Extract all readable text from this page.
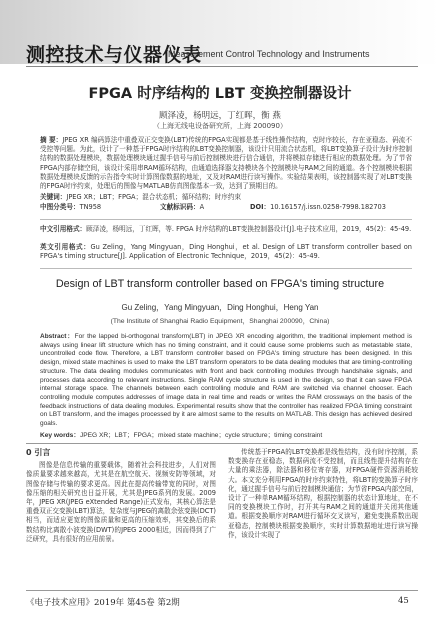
测控技术与仪器仪表
Measurement Control Technology and Instruments
FPGA 时序结构的 LBT 变换控制器设计
顾泽凌，杨明远，丁红晖，衡 燕
（上海无线电设备研究所，上海 200090）
摘 要：JPEG XR 编码算法中重叠双正交变换(LBT)传统的FPGA实现都是基于线性操作结构，克时序较长，存在亚稳态、码流不受控等问题。为此，设计了一种基于FPGA时序结构的LBT变换控制器，该设计只用流合状态机，将LBT变换算子设计为时序控制结构的数据处理模块，数据处理模块通过握手信号与前后控制模块进行信合通信，并将模拟存储进行相应的数据处理。为了节省FPGA内部存储空间，该设计采用串RAM循环结构，由通道选择器支持模块各个控制模块与RAM之间的通道。各个控制模块根据数据处理模块反馈的示告指令实时计算图像数据的地址，又及对RAM进行读写操作。实验结果表明，该控制器实现了对LBT变换的FPGA时序约束，处理后的图像与MATLAB仿真图像基本一致，达到了预期目的。
关键词：JPEG XR；LBT；FPGA；混合状态机；循环结构；时序约束
中图分类号：TN958	文献标识码：A	DOI：10.16157/j.issn.0258-7998.182703
中文引用格式：顾泽凌，杨明远，丁红晖，等. FPGA 时序结构的LBT变换控制器设计[J].电子技术应用，2019，45(2)：45-49.
英文引用格式：Gu Zeling，Yang Mingyuan，Ding Honghui，et al. Design of LBT transform controller based on FPGA's timing structure[J]. Application of Electronic Technique，2019，45(2)：45-49.
Design of LBT transform controller based on FPGA's timing structure
Gu Zeling，Yang Mingyuan，Ding Honghui，Heng Yan
(The Institute of Shanghai Radio Equipment，Shanghai 200090，China)
Abstract：For the lapped bi-orthogonal transform(LBT) in JPEG XR encoding algorithm, the traditional implement method is always using linear lift structure which has no timing constraint, and it could cause some problems such as metastable state, uncontrolled code flow. Therefore, a LBT transform controller based on FPGA's timing structure has been designed. In this design, mixed state machines is used to make the LBT transform operators to be data dealing modules that are timing-controlling structure. The data dealing modules communicates with front and back controlling modules through handshake signals, and processes data according to relevant instructions. Single RAM cycle structure is used in the design, so that it can save FPGA internal storage space. The channels between each controlling module and RAM are switched via channel chooser. Each controlling module computes addresses of image data in real time and reads or writes the RAM crossways on the basis of the feedback instructions of data dealing modules. Experimental results show that the controller has realized FPGA timing constraint on LBT transform, and the images processed by it are almost same to the results on MATLAB. This design has achieved desired goals.
Key words：JPEG XR；LBT；FPGA；mixed state machine；cycle structure；timing constraint
0 引言
图像是信息传输的重要载体，随着社会科技进步，人们对图像质量要求越来越高，尤其是在航空航天、视频安防等领域，对图像存储与传输的要求更高。因此在提高传输带宽的同时，对图像压缩的相关研究也日益开展，尤其是JPEG系列的发展。2009年，JPEG XR(JPEG eXtended Range)正式发布，其核心算法是重叠双正交变换(LBT)算法，复杂度与JPEG的离散余弦变换(DCT)相当，而适应更宽的图像质量和更高的压缩效率，其变换后的系数结构比离散小波变换(DWT)的JPEG 2000相近，因而得到了广泛研究，具有很好的应用前景。
传统基于FPGA的LBT变换都是线性结构，没有时序控制，系数变换存在亚稳态，数据码流不受控制，而且线性提升结构存在大量的乘法器，除法器和移位寄存器，对FPGA硬件资源消耗较大。本文充分利用FPGA的时序约束特性，将LBT的变换算子时序化，通过握手信号与前后控制模块通信；为节省FPGA内部空间，设计了一种单RAM循环结构，根据控制器的状态计算地址，在不同的变换模块工作时，打开其与RAM之间的通道并关闭其他通道。根据变换顺序对RAM进行循环交叉读写，避免变换系数出现亚稳态，控制模块根据变换顺序，实时计算数据地址进行读写操作，该设计实现了
《电子技术应用》2019年 第45卷 第2期	45
